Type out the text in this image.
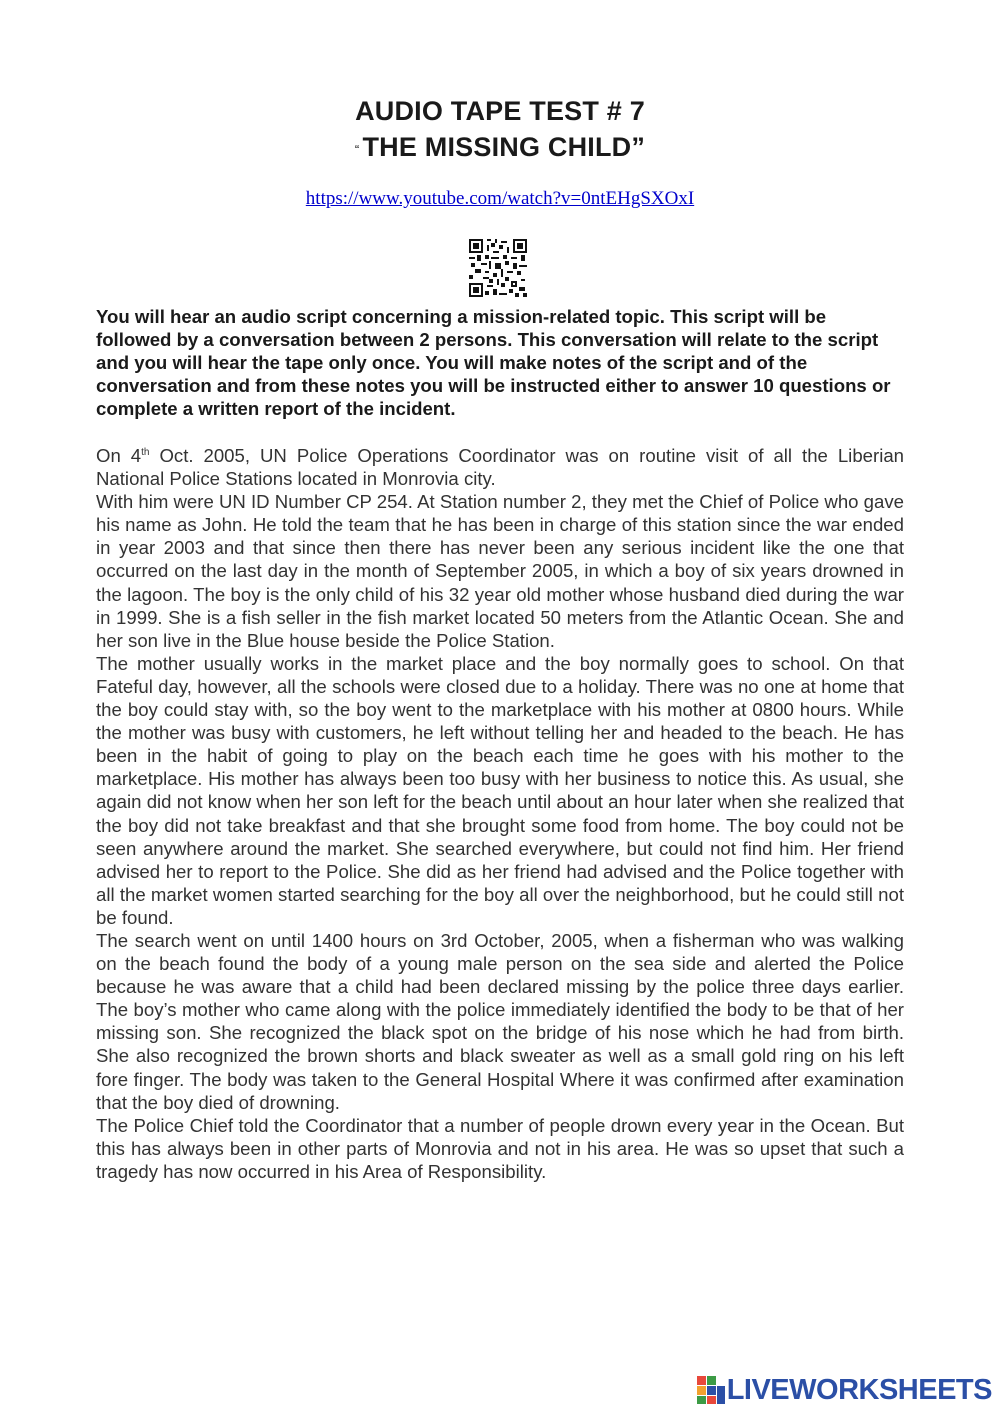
AUDIO TAPE TEST # 7
“ THE MISSING CHILD”
https://www.youtube.com/watch?v=0ntEHgSXOxI
You will hear an audio script concerning a mission-related topic. This script will be followed by a conversation between 2 persons. This conversation will relate to the script and you will hear the tape only once. You will make notes of the script and of the conversation and from these notes you will be instructed either to answer 10 questions or complete a written report of the incident.

On 4th Oct. 2005, UN Police Operations Coordinator was on routine visit of all the Liberian National Police Stations located in Monrovia city.

With him were UN ID Number CP 254. At Station number 2, they met the Chief of Police who gave his name as John. He told the team that he has been in charge of this station since the war ended in year 2003 and that since then there has never been any serious incident like the one that occurred on the last day in the month of September 2005, in which a boy of six years drowned in the lagoon. The boy is the only child of his 32 year old mother whose husband died during the war in 1999. She is a fish seller in the fish market located 50 meters from the Atlantic Ocean. She and her son live in the Blue house beside the Police Station.

The mother usually works in the market place and the boy normally goes to school. On that Fateful day, however, all the schools were closed due to a holiday. There was no one at home that the boy could stay with, so the boy went to the marketplace with his mother at 0800 hours. While the mother was busy with customers, he left without telling her and headed to the beach. He has been in the habit of going to play on the beach each time he goes with his mother to the marketplace. His mother has always been too busy with her business to notice this. As usual, she again did not know when her son left for the beach until about an hour later when she realized that the boy did not take breakfast and that she brought some food from home. The boy could not be seen anywhere around the market. She searched everywhere, but could not find him. Her friend advised her to report to the Police. She did as her friend had advised and the Police together with all the market women started searching for the boy all over the neighborhood, but he could still not be found.

The search went on until 1400 hours on 3rd October, 2005, when a fisherman who was walking on the beach found the body of a young male person on the sea side and alerted the Police because he was aware that a child had been declared missing by the police three days earlier. The boy’s mother who came along with the police immediately identified the body to be that of her missing son. She recognized the black spot on the bridge of his nose which he had from birth. She also recognized the brown shorts and black sweater as well as a small gold ring on his left fore finger. The body was taken to the General Hospital Where it was confirmed after examination that the boy died of drowning.

The Police Chief told the Coordinator that a number of people drown every year in the Ocean. But this has always been in other parts of Monrovia and not in his area. He was so upset that such a tragedy has now occurred in his Area of Responsibility.

LIVEWORKSHEETS
